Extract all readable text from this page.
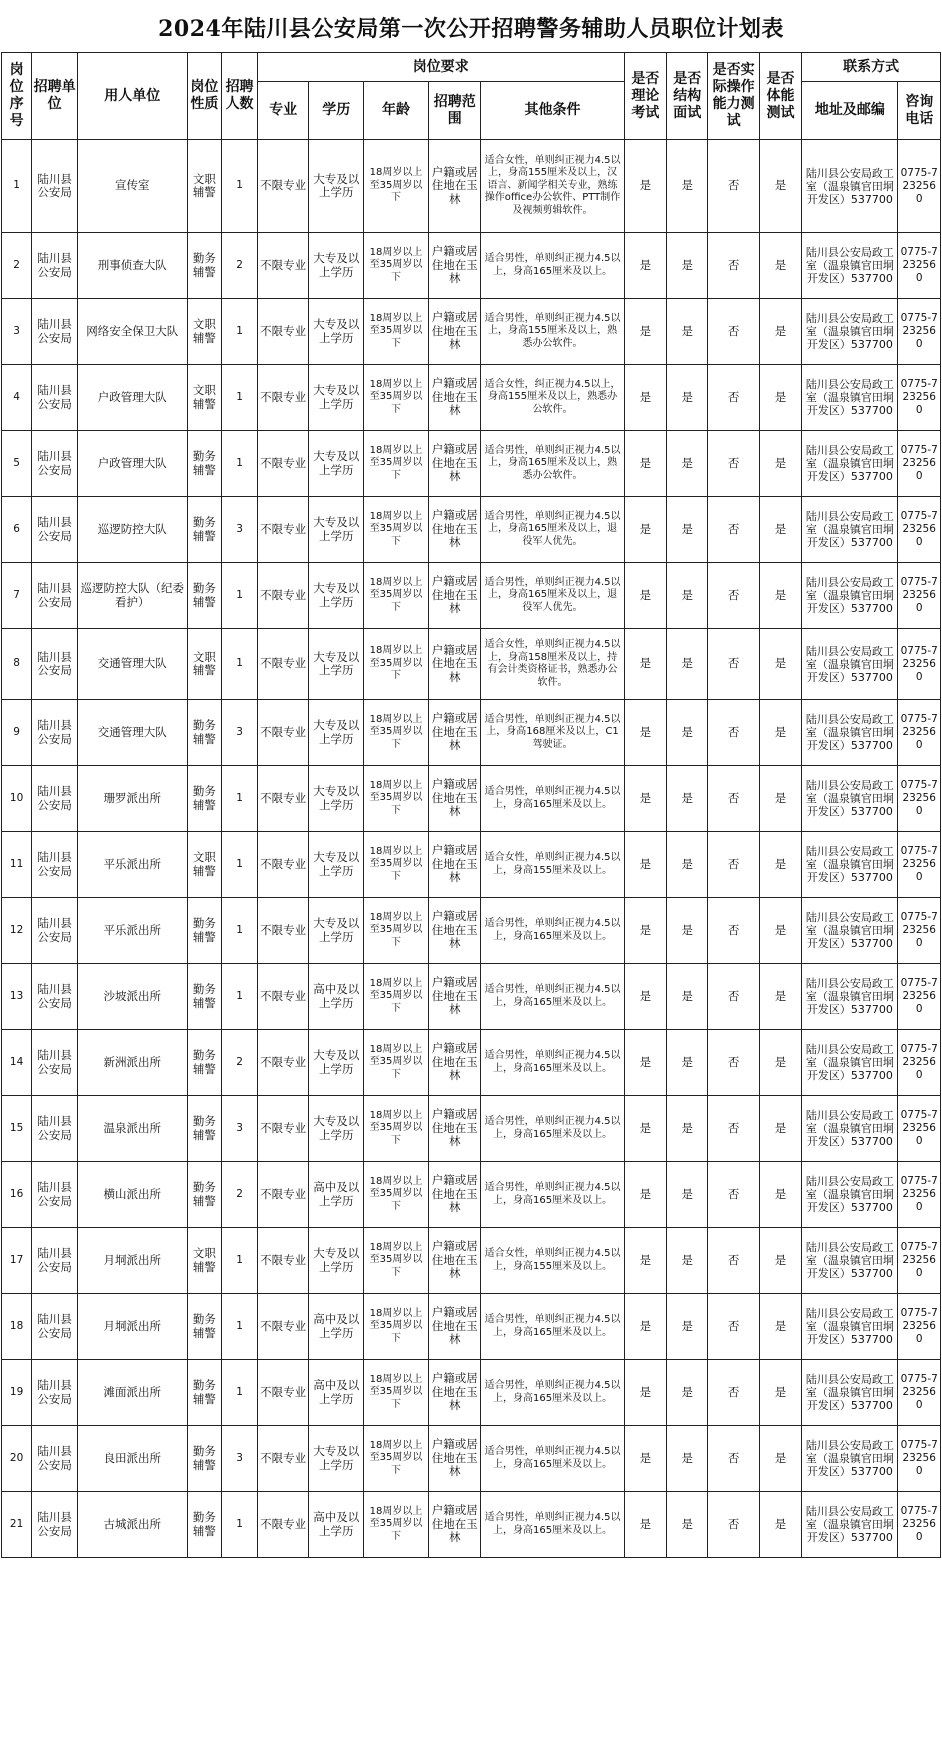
2024年陆川县公安局第一次公开招聘警务辅助人员职位计划表
岗位序号	招聘单位	用人单位	岗位性质	招聘人数	岗位要求					是否理论考试	是否结构面试	是否实际操作能力测试	是否体能测试	联系方式	
					专业	学历	年龄	招聘范围	其他条件					地址及邮编	咨询电话
1	陆川县公安局	宣传室	文职辅警	1	不限专业	大专及以上学历	18周岁以上至35周岁以下	户籍或居住地在玉林	适合女性，单则纠正视力4.5以上，身高155厘米及以上，汉语言、新闻学相关专业，熟练操作office办公软件、PTT制作及视频剪辑软件。	是	是	否	是	陆川县公安局政工室（温泉镇官田垌开发区）537700	0775-7232560
2	陆川县公安局	刑事侦查大队	勤务辅警	2	不限专业	大专及以上学历	18周岁以上至35周岁以下	户籍或居住地在玉林	适合男性，单则纠正视力4.5以上，身高165厘米及以上。	是	是	否	是	陆川县公安局政工室（温泉镇官田垌开发区）537700	0775-7232560
3	陆川县公安局	网络安全保卫大队	文职辅警	1	不限专业	大专及以上学历	18周岁以上至35周岁以下	户籍或居住地在玉林	适合男性，单则纠正视力4.5以上，身高155厘米及以上，熟悉办公软件。	是	是	否	是	陆川县公安局政工室（温泉镇官田垌开发区）537700	0775-7232560
4	陆川县公安局	户政管理大队	文职辅警	1	不限专业	大专及以上学历	18周岁以上至35周岁以下	户籍或居住地在玉林	适合女性，纠正视力4.5以上，身高155厘米及以上，熟悉办公软件。	是	是	否	是	陆川县公安局政工室（温泉镇官田垌开发区）537700	0775-7232560
5	陆川县公安局	户政管理大队	勤务辅警	1	不限专业	大专及以上学历	18周岁以上至35周岁以下	户籍或居住地在玉林	适合男性，单则纠正视力4.5以上，身高165厘米及以上，熟悉办公软件。	是	是	否	是	陆川县公安局政工室（温泉镇官田垌开发区）537700	0775-7232560
6	陆川县公安局	巡逻防控大队	勤务辅警	3	不限专业	大专及以上学历	18周岁以上至35周岁以下	户籍或居住地在玉林	适合男性，单则纠正视力4.5以上，身高165厘米及以上，退役军人优先。	是	是	否	是	陆川县公安局政工室（温泉镇官田垌开发区）537700	0775-7232560
7	陆川县公安局	巡逻防控大队（纪委看护）	勤务辅警	1	不限专业	大专及以上学历	18周岁以上至35周岁以下	户籍或居住地在玉林	适合男性，单则纠正视力4.5以上，身高165厘米及以上，退役军人优先。	是	是	否	是	陆川县公安局政工室（温泉镇官田垌开发区）537700	0775-7232560
8	陆川县公安局	交通管理大队	文职辅警	1	不限专业	大专及以上学历	18周岁以上至35周岁以下	户籍或居住地在玉林	适合女性，单则纠正视力4.5以上，身高158厘米及以上，持有会计类资格证书，熟悉办公软件。	是	是	否	是	陆川县公安局政工室（温泉镇官田垌开发区）537700	0775-7232560
9	陆川县公安局	交通管理大队	勤务辅警	3	不限专业	大专及以上学历	18周岁以上至35周岁以下	户籍或居住地在玉林	适合男性，单则纠正视力4.5以上，身高168厘米及以上，C1驾驶证。	是	是	否	是	陆川县公安局政工室（温泉镇官田垌开发区）537700	0775-7232560
10	陆川县公安局	珊罗派出所	勤务辅警	1	不限专业	大专及以上学历	18周岁以上至35周岁以下	户籍或居住地在玉林	适合男性，单则纠正视力4.5以上，身高165厘米及以上。	是	是	否	是	陆川县公安局政工室（温泉镇官田垌开发区）537700	0775-7232560
11	陆川县公安局	平乐派出所	文职辅警	1	不限专业	大专及以上学历	18周岁以上至35周岁以下	户籍或居住地在玉林	适合女性，单则纠正视力4.5以上，身高155厘米及以上。	是	是	否	是	陆川县公安局政工室（温泉镇官田垌开发区）537700	0775-7232560
12	陆川县公安局	平乐派出所	勤务辅警	1	不限专业	大专及以上学历	18周岁以上至35周岁以下	户籍或居住地在玉林	适合男性，单则纠正视力4.5以上，身高165厘米及以上。	是	是	否	是	陆川县公安局政工室（温泉镇官田垌开发区）537700	0775-7232560
13	陆川县公安局	沙坡派出所	勤务辅警	1	不限专业	高中及以上学历	18周岁以上至35周岁以下	户籍或居住地在玉林	适合男性，单则纠正视力4.5以上，身高165厘米及以上。	是	是	否	是	陆川县公安局政工室（温泉镇官田垌开发区）537700	0775-7232560
14	陆川县公安局	新洲派出所	勤务辅警	2	不限专业	大专及以上学历	18周岁以上至35周岁以下	户籍或居住地在玉林	适合男性，单则纠正视力4.5以上，身高165厘米及以上。	是	是	否	是	陆川县公安局政工室（温泉镇官田垌开发区）537700	0775-7232560
15	陆川县公安局	温泉派出所	勤务辅警	3	不限专业	大专及以上学历	18周岁以上至35周岁以下	户籍或居住地在玉林	适合男性，单则纠正视力4.5以上，身高165厘米及以上。	是	是	否	是	陆川县公安局政工室（温泉镇官田垌开发区）537700	0775-7232560
16	陆川县公安局	横山派出所	勤务辅警	2	不限专业	高中及以上学历	18周岁以上至35周岁以下	户籍或居住地在玉林	适合男性，单则纠正视力4.5以上，身高165厘米及以上。	是	是	否	是	陆川县公安局政工室（温泉镇官田垌开发区）537700	0775-7232560
17	陆川县公安局	月垌派出所	文职辅警	1	不限专业	大专及以上学历	18周岁以上至35周岁以下	户籍或居住地在玉林	适合女性，单则纠正视力4.5以上，身高155厘米及以上。	是	是	否	是	陆川县公安局政工室（温泉镇官田垌开发区）537700	0775-7232560
18	陆川县公安局	月垌派出所	勤务辅警	1	不限专业	高中及以上学历	18周岁以上至35周岁以下	户籍或居住地在玉林	适合男性，单则纠正视力4.5以上，身高165厘米及以上。	是	是	否	是	陆川县公安局政工室（温泉镇官田垌开发区）537700	0775-7232560
19	陆川县公安局	滩面派出所	勤务辅警	1	不限专业	高中及以上学历	18周岁以上至35周岁以下	户籍或居住地在玉林	适合男性，单则纠正视力4.5以上，身高165厘米及以上。	是	是	否	是	陆川县公安局政工室（温泉镇官田垌开发区）537700	0775-7232560
20	陆川县公安局	良田派出所	勤务辅警	3	不限专业	大专及以上学历	18周岁以上至35周岁以下	户籍或居住地在玉林	适合男性，单则纠正视力4.5以上，身高165厘米及以上。	是	是	否	是	陆川县公安局政工室（温泉镇官田垌开发区）537700	0775-7232560
21	陆川县公安局	古城派出所	勤务辅警	1	不限专业	高中及以上学历	18周岁以上至35周岁以下	户籍或居住地在玉林	适合男性，单则纠正视力4.5以上，身高165厘米及以上。	是	是	否	是	陆川县公安局政工室（温泉镇官田垌开发区）537700	0775-7232560
